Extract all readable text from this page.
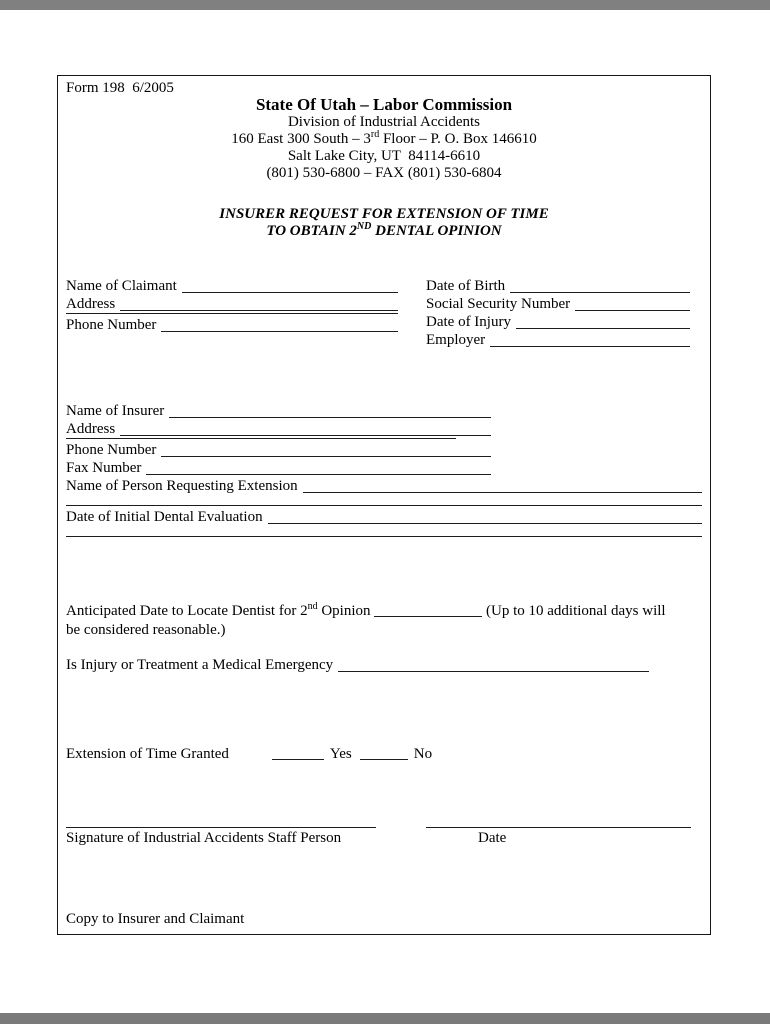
Form 198  6/2005
State Of Utah – Labor Commission
Division of Industrial Accidents
160 East 300 South – 3rd Floor – P. O. Box 146610
Salt Lake City, UT  84114-6610
(801) 530-6800 – FAX (801) 530-6804
INSURER REQUEST FOR EXTENSION OF TIME
TO OBTAIN 2ND DENTAL OPINION
Name of Claimant
Address
Phone Number
Date of Birth
Social Security Number
Date of Injury
Employer
Name of Insurer
Address
Phone Number
Fax Number
Name of Person Requesting Extension
Date of Initial Dental Evaluation
Anticipated Date to Locate Dentist for 2nd Opinion	(Up to 10 additional days will
be considered reasonable.)
Is Injury or Treatment a Medical Emergency
Extension of Time Granted	Yes	No
Signature of Industrial Accidents Staff Person	Date
Copy to Insurer and Claimant
